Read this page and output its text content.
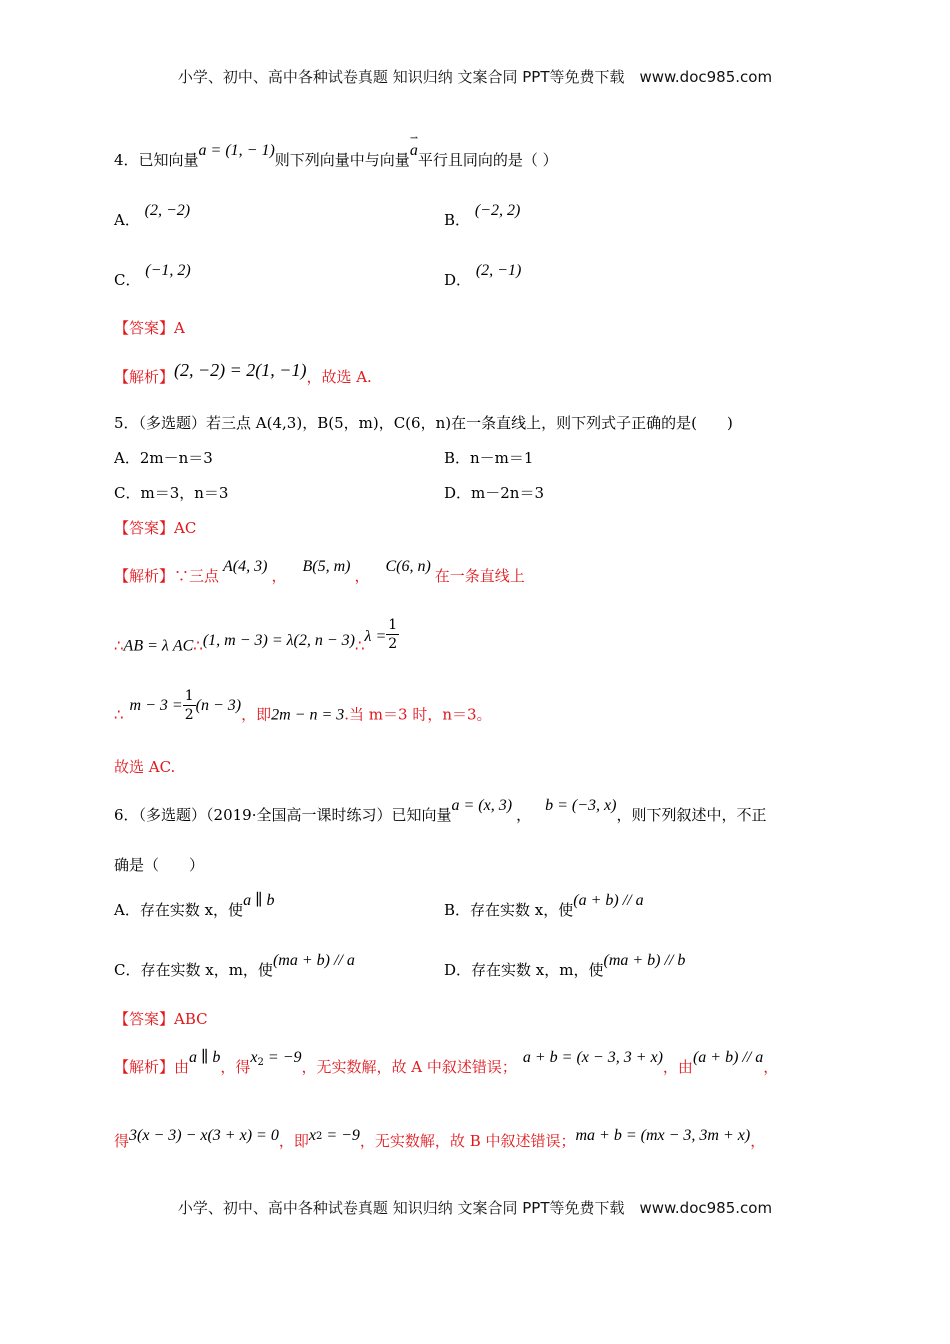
小学、初中、高中各种试卷真题 知识归纳 文案合同 PPT等免费下载　www.doc985.com
4．已知向量a = (1, − 1)则下列向量中与向量⇀ a平行且同向的是（ ）
A． (2, −2)
B． (−2, 2)
C． (−1, 2)
D． (2, −1)
【答案】A
【解析】(2, −2) = 2(1, −1)，故选 A.
5．（多选题）若三点 A(4,3)，B(5，m)，C(6，n)在一条直线上，则下列式子正确的是(　　)
A．2m－n＝3	B．n－m＝1
C．m＝3，n＝3	D．m－2n＝3
【答案】AC
【解析】∵三点A(4, 3)，B(5, m)，C(6, n)在一条直线上
∴AB = λ AC∴(1, m − 3) = λ(2, n − 3)∴λ = $\frac{1}{2}$
∴m − $3 = \frac{1}{2} (n - 3)$，即2m − n = 3.当 m＝3 时，n＝3。
故选 AC.
6．（多选题）（2019·全国高一课时练习）已知向量a = (x, 3)，b = (−3, x)，则下列叙述中，不正
确是（　　）
A．存在实数 x，使a ∥ b
B．存在实数 x，使(a + b) // a
C．存在实数 x，m，使(ma + b) // a
D．存在实数 x，m，使(ma + b) // b
【答案】ABC
【解析】由a ∥ b，得$x^2 = -9$，无实数解，故 A 中叙述错误；a + b = (x − 3, 3 + x)，由(a + b) // a，
得3(x − 3) − x(3 + x) = 0，即$x^2 = -9$，无实数解，故 B 中叙述错误；ma + b = (mx − 3, 3m + x)，
小学、初中、高中各种试卷真题 知识归纳 文案合同 PPT等免费下载　www.doc985.com
